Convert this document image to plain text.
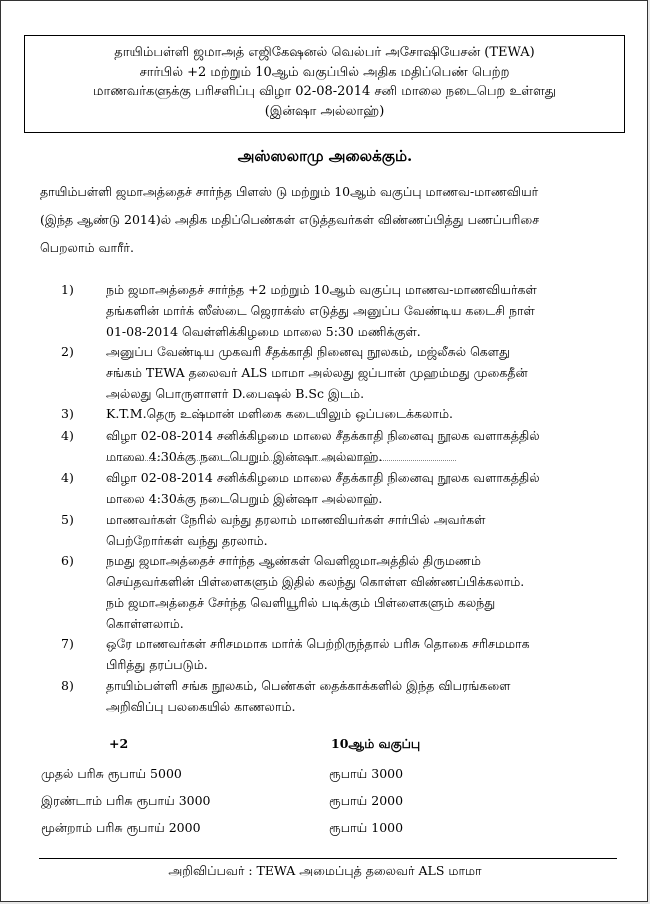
தாயிம்பள்ளி ஜமாஅத் எஜிகேஷனல் வெல்பர் அசோஷியேசன் (TEWA)
சார்பில் +2 மற்றும் 10ஆம் வகுப்பில் அதிக மதிப்பெண் பெற்ற
மாணவர்களுக்கு பரிசளிப்பு விழா 02-08-2014 சனி மாலை நடைபெற உள்ளது
(இன்ஷா அல்லாஹ்)
அஸ்ஸலாமு அலைக்கும்.
தாயிம்பள்ளி ஜமாஅத்தைச் சார்ந்த பிளஸ் டு மற்றும் 10ஆம் வகுப்பு மாணவ-மாணவியர்
(இந்த ஆண்டு 2014)ல் அதிக மதிப்பெண்கள் எடுத்தவர்கள் விண்ணப்பித்து பணப்பரிசை
பெறலாம் வாரீர்.
1)	நம் ஜமாஅத்தைச் சார்ந்த +2 மற்றும் 10ஆம் வகுப்பு மாணவ-மாணவியர்கள்
தங்களின் மார்க் ஸீஸ்டை ஜெராக்ஸ் எடுத்து அனுப்ப வேண்டிய கடைசி நாள்
01-08-2014 வெள்ளிக்கிழமை மாலை 5:30 மணிக்குள்.
2)	அனுப்ப வேண்டிய முகவரி சீதக்காதி நினைவு நூலகம், மஜ்லீசுல் கௌது
சங்கம் TEWA தலைவர் ALS மாமா அல்லது ஜப்பான் முஹம்மது முகைதீன்
அல்லது பொருளாளர் D.பைஷல் B.Sc இடம்.
3)	K.T.M.தெரு உஷ்மான் மளிகை கடையிலும் ஒப்படைக்கலாம்.
4)	விழா 02-08-2014 சனிக்கிழமை மாலை சீதக்காதி நினைவு நூலக வளாகத்தில்
மாலை 4:30க்கு நடைபெறும் இன்ஷா அல்லாஹ்.
4)	விழா 02-08-2014 சனிக்கிழமை மாலை சீதக்காதி நினைவு நூலக வளாகத்தில்
மாலை 4:30க்கு நடைபெறும் இன்ஷா அல்லாஹ்.
5)	மாணவர்கள் நேரில் வந்து தரலாம் மாணவியர்கள் சார்பில் அவர்கள்
பெற்றோர்கள் வந்து தரலாம்.
6)	நமது ஜமாஅத்தைச் சார்ந்த ஆண்கள் வெளிஜமாஅத்தில் திருமணம்
செய்தவர்களின் பிள்ளைகளும் இதில் கலந்து கொள்ள விண்ணப்பிக்கலாம்.
நம் ஜமாஅத்தைச் சேர்ந்த வெளியூரில் படிக்கும் பிள்ளைகளும் கலந்து
கொள்ளலாம்.
7)	ஒரே மாணவர்கள் சரிசமமாக மார்க் பெற்றிருந்தால் பரிசு தொகை சரிசமமாக
பிரித்து தரப்படும்.
8)	தாயிம்பள்ளி சங்க நூலகம், பெண்கள் தைக்காக்களில் இந்த விபரங்களை
அறிவிப்பு பலகையில் காணலாம்.
+2	10ஆம் வகுப்பு
முதல் பரிசு ரூபாய் 5000	ரூபாய் 3000
இரண்டாம் பரிசு ரூபாய் 3000	ரூபாய் 2000
மூன்றாம் பரிசு ரூபாய் 2000	ரூபாய் 1000
அறிவிப்பவர் : TEWA அமைப்புத் தலைவர் ALS மாமா
